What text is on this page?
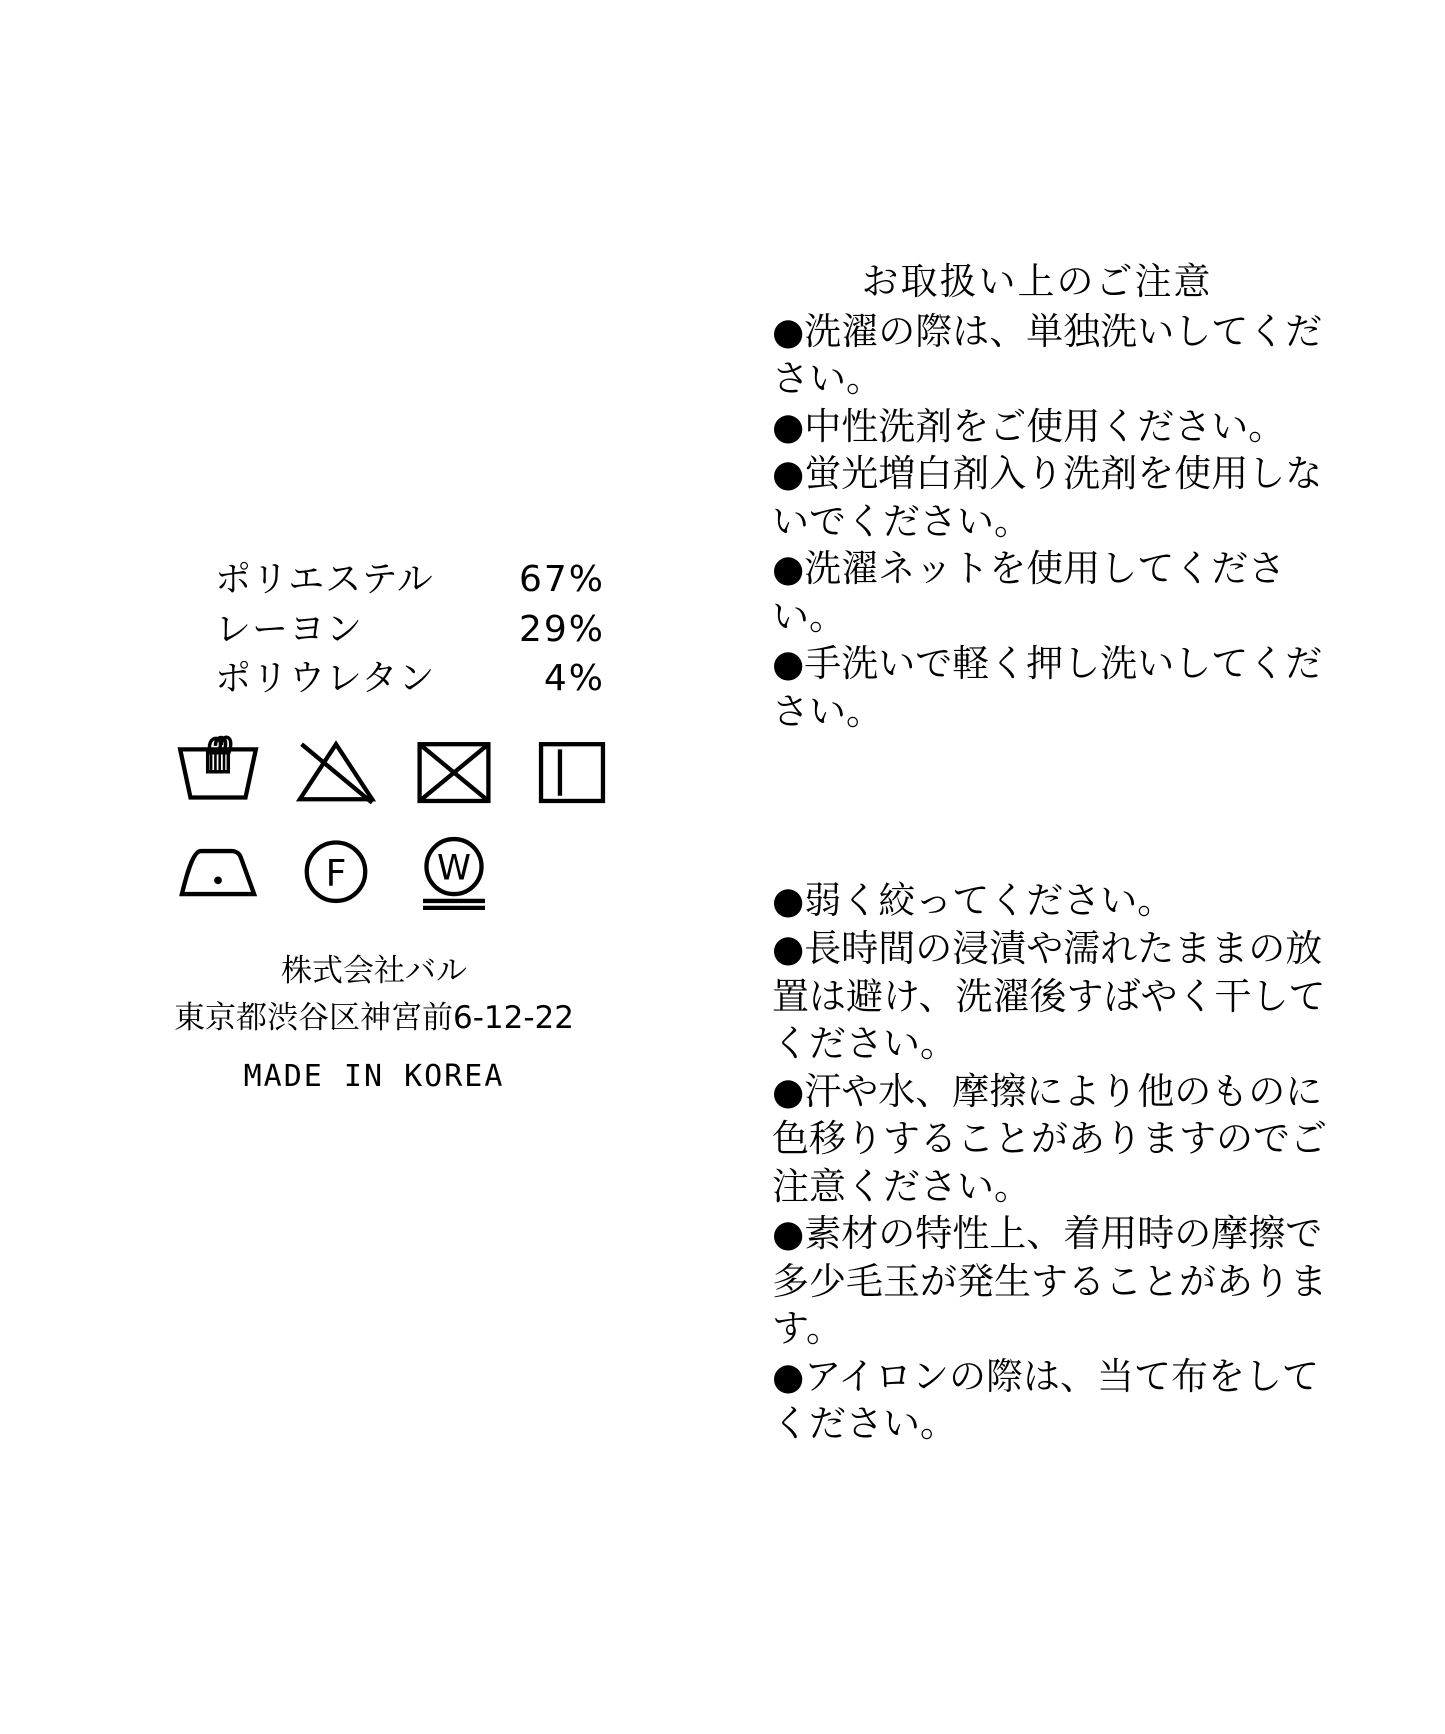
ポリエステル	67%
レーヨン	29%
ポリウレタン	4%
F W
株式会社バル
東京都渋谷区神宮前6-12-22
MADE IN KOREA
お取扱い上のご注意
●洗濯の際は、単独洗いしてください。
●中性洗剤をご使用ください。
●蛍光増白剤入り洗剤を使用しないでください。
●洗濯ネットを使用してください。
●手洗いで軽く押し洗いしてください。
●弱く絞ってください。
●長時間の浸漬や濡れたままの放置は避け、洗濯後すばやく干してください。
●汗や水、摩擦により他のものに色移りすることがありますのでご注意ください。
●素材の特性上、着用時の摩擦で多少毛玉が発生することがあります。
●アイロンの際は、当て布をしてください。
